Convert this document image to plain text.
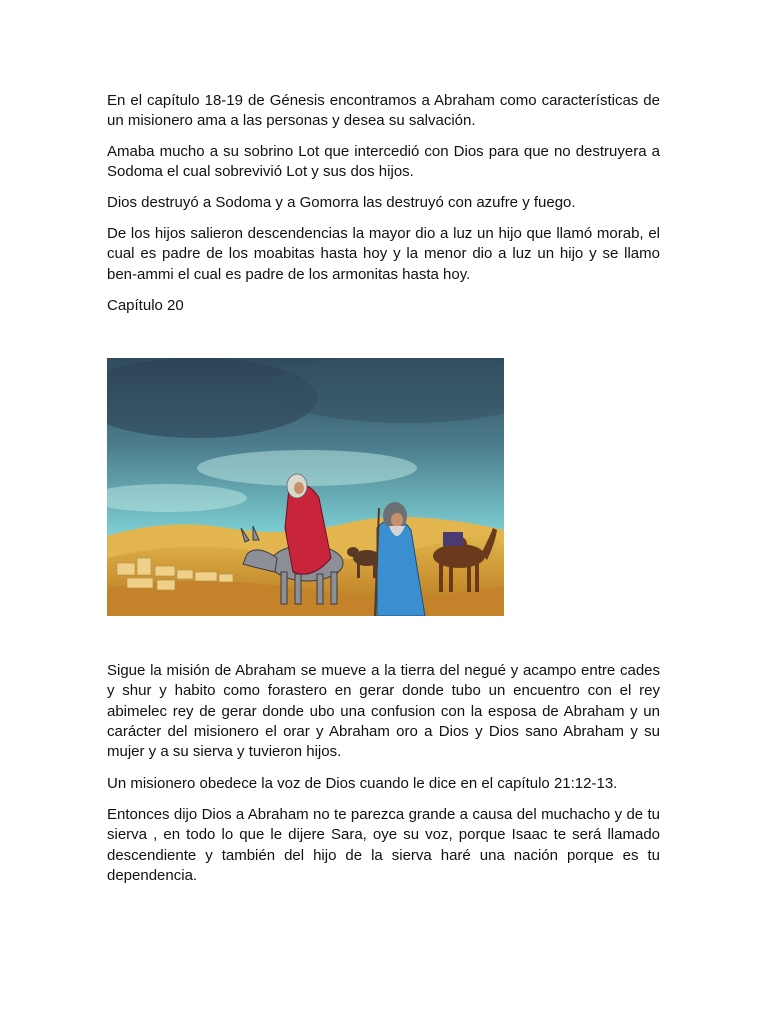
En el capítulo 18-19 de Génesis encontramos a Abraham como características de un misionero ama a las personas y desea su salvación.

Amaba mucho a su sobrino Lot que intercedió con Dios para que no destruyera a Sodoma el cual sobrevivió Lot y sus dos hijos.

Dios destruyó a Sodoma y a Gomorra las destruyó con azufre y fuego.

De los hijos salieron descendencias la mayor dio a luz un hijo que llamó morab, el cual es padre de los moabitas hasta hoy y la menor dio a luz un hijo y se llamo ben-ammi el cual es padre de los armonitas hasta hoy.

Capítulo 20

Sigue la misión de Abraham se mueve a la tierra del negué y acampo entre cades y shur y habito como forastero en gerar donde tubo un encuentro con el rey abimelec rey de gerar donde ubo una confusion con la esposa de Abraham y un carácter del misionero el orar y Abraham oro a Dios y Dios sano Abraham y su mujer y a su sierva y tuvieron hijos.

Un misionero obedece la voz de Dios cuando le dice en el capítulo 21:12-13.

Entonces dijo Dios a Abraham no te parezca grande a causa del muchacho y de tu sierva , en todo lo que le dijere Sara, oye su voz, porque Isaac te será llamado descendiente y también del hijo de la sierva haré una nación porque es tu dependencia.
